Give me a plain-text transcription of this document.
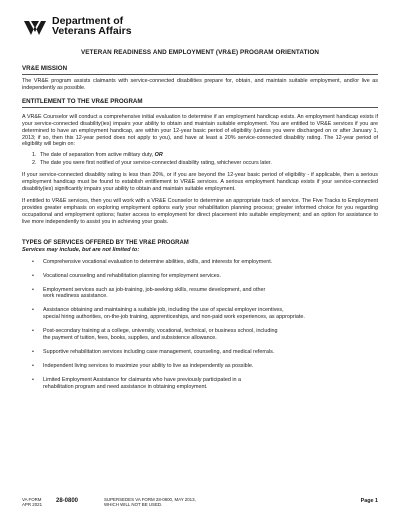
Department of
Veterans Affairs
VETERAN READINESS AND EMPLOYMENT (VR&E) PROGRAM ORIENTATION
VR&E MISSION

The VR&E program assists claimants with service-connected disabilities prepare for, obtain, and maintain suitable employment, and/or live as independently as possible.

ENTITLEMENT TO THE VR&E PROGRAM

A VR&E Counselor will conduct a comprehensive initial evaluation to determine if an employment handicap exists. An employment handicap exists if your service-connected disability(ies) impairs your ability to obtain and maintain suitable employment. You are entitled to VR&E services if you are determined to have an employment handicap, are within your 12-year basic period of eligibility (unless you were discharged on or after January 1, 2013; if so, then this 12-year period does not apply to you), and have at least a 20% service-connected disability rating. The 12-year period of eligibility will begin on:

1. The date of separation from active military duty, OR
2. The date you were first notified of your service-connected disability rating, whichever occurs later.

If your service-connected disability rating is less than 20%, or if you are beyond the 12-year basic period of eligibility - if applicable, then a serious employment handicap must be found to establish entitlement to VR&E services. A serious employment handicap exists if your service-connected disability(ies) significantly impairs your ability to obtain and maintain suitable employment.

If entitled to VR&E services, then you will work with a VR&E Counselor to determine an appropriate track of service. The Five Tracks to Employment provides greater emphasis on exploring employment options early your rehabilitation planning process; greater informed choice for you regarding occupational and employment options; faster access to employment for direct placement into suitable employment; and an option for assistance to live more independently to assist you in achieving your goals.

TYPES OF SERVICES OFFERED BY THE VR&E PROGRAM
Services may include, but are not limited to:
• Comprehensive vocational evaluation to determine abilities, skills, and interests for employment.
• Vocational counseling and rehabilitation planning for employment services.
• Employment services such as job-training, job-seeking skills, resume development, and other
work readiness assistance.
• Assistance obtaining and maintaining a suitable job, including the use of special employer incentives,
special hiring authorities, on-the-job training, apprenticeships, and non-paid work experiences, as appropriate.
• Post-secondary training at a college, university, vocational, technical, or business school, including
the payment of tuition, fees, books, supplies, and subsistence allowance.
• Supportive rehabilitation services including case management, counseling, and medical referrals.
• Independent living services to maximize your ability to live as independently as possible.
• Limited Employment Assistance for claimants who have previously participated in a
rehabilitation program and need assistance in obtaining employment.
VA FORM
APR 2021
28-0800	SUPERSEDES VA FORM 28-0800, MAY 2013,
WHICH WILL NOT BE USED.
Page 1
